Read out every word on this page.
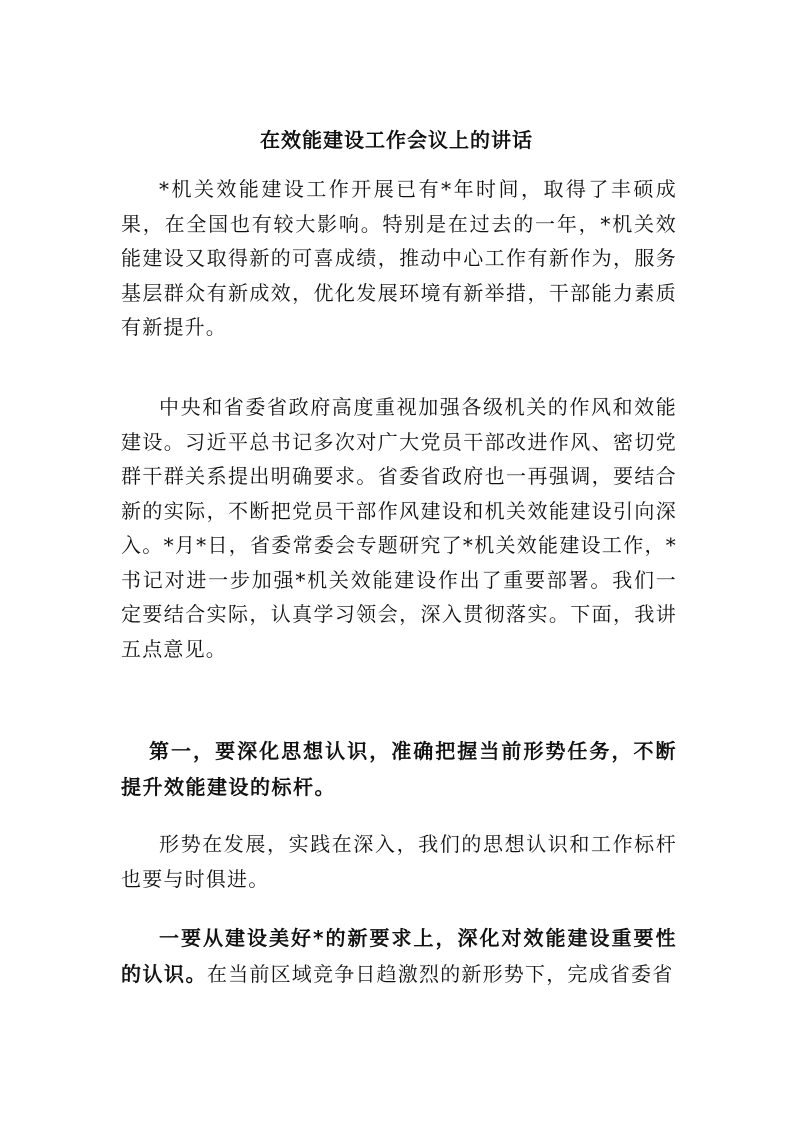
在效能建设工作会议上的讲话
*机关效能建设工作开展已有*年时间，取得了丰硕成果，在全国也有较大影响。特别是在过去的一年，*机关效能建设又取得新的可喜成绩，推动中心工作有新作为，服务基层群众有新成效，优化发展环境有新举措，干部能力素质有新提升。
中央和省委省政府高度重视加强各级机关的作风和效能建设。习近平总书记多次对广大党员干部改进作风、密切党群干群关系提出明确要求。省委省政府也一再强调，要结合新的实际，不断把党员干部作风建设和机关效能建设引向深入。*月*日，省委常委会专题研究了*机关效能建设工作，*书记对进一步加强*机关效能建设作出了重要部署。我们一定要结合实际，认真学习领会，深入贯彻落实。下面，我讲五点意见。
第一，要深化思想认识，准确把握当前形势任务，不断提升效能建设的标杆。
形势在发展，实践在深入，我们的思想认识和工作标杆也要与时俱进。
一要从建设美好*的新要求上，深化对效能建设重要性的认识。在当前区域竞争日趋激烈的新形势下，完成省委省
